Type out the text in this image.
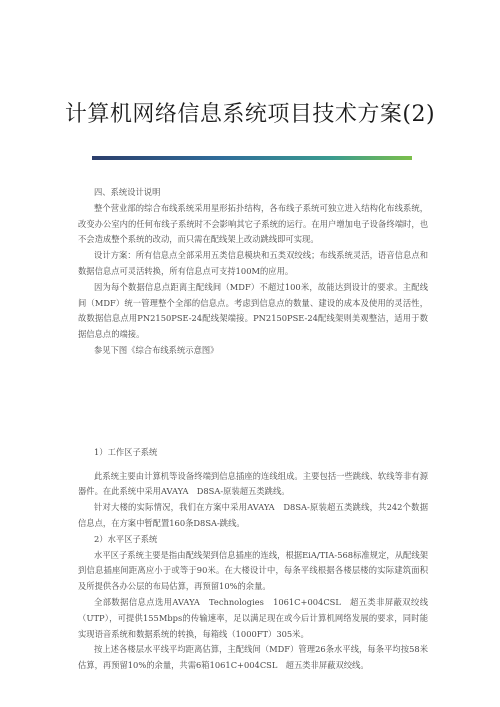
计算机网络信息系统项目技术方案(2)

四、系统设计说明

整个营业部的综合布线系统采用星形拓扑结构，各布线子系统可独立进入结构化布线系统，改变办公室内的任何布线子系统时不会影响其它子系统的运行。在用户增加电子设备终端时，也不会造成整个系统的改动，而只需在配线架上改动跳线即可实现。

设计方案：所有信息点全部采用五类信息模块和五类双绞线；布线系统灵活，语音信息点和数据信息点可灵活转换，所有信息点可支持100M的应用。

因为每个数据信息点距离主配线间（MDF）不超过100米，故能达到设计的要求。主配线间（MDF）统一管理整个全部的信息点。考虑到信息点的数量、建设的成本及使用的灵活性，故数据信息点用PN2150PSE-24配线架端接。PN2150PSE-24配线架则美观整洁，适用于数据信息点的端接。

参见下图《综合布线系统示意图》

1）工作区子系统

此系统主要由计算机等设备终端到信息插座的连线组成。主要包括一些跳线、软线等非有源器件。在此系统中采用AVAYA　D8SA-原装超五类跳线。

针对大楼的实际情况，我们在方案中采用AVAYA　D8SA-原装超五类跳线，共242个数据信息点，在方案中暂配置160条D8SA-跳线。

2）水平区子系统

水平区子系统主要是指由配线架到信息插座的连线，根据EiA/TIA-568标准规定，从配线架到信息插座间距离应小于或等于90米。在大楼设计中，每条平线根据各楼层楼的实际建筑面积及所提供各办公层的布局估算，再预留10%的余量。

全部数据信息点选用AVAYA　Technologies　1061C+004CSL　超五类非屏蔽双绞线（UTP），可提供155Mbps的传输速率，足以满足现在或今后计算机网络发展的要求，同时能实现语音系统和数据系统的转换，每箱线（1000FT）305米。

按上述各楼层水平线平均距离估算，主配线间（MDF）管理26条水平线，每条平均按58米估算，再预留10%的余量，共需6箱1061C+004CSL　超五类非屏蔽双绞线。
